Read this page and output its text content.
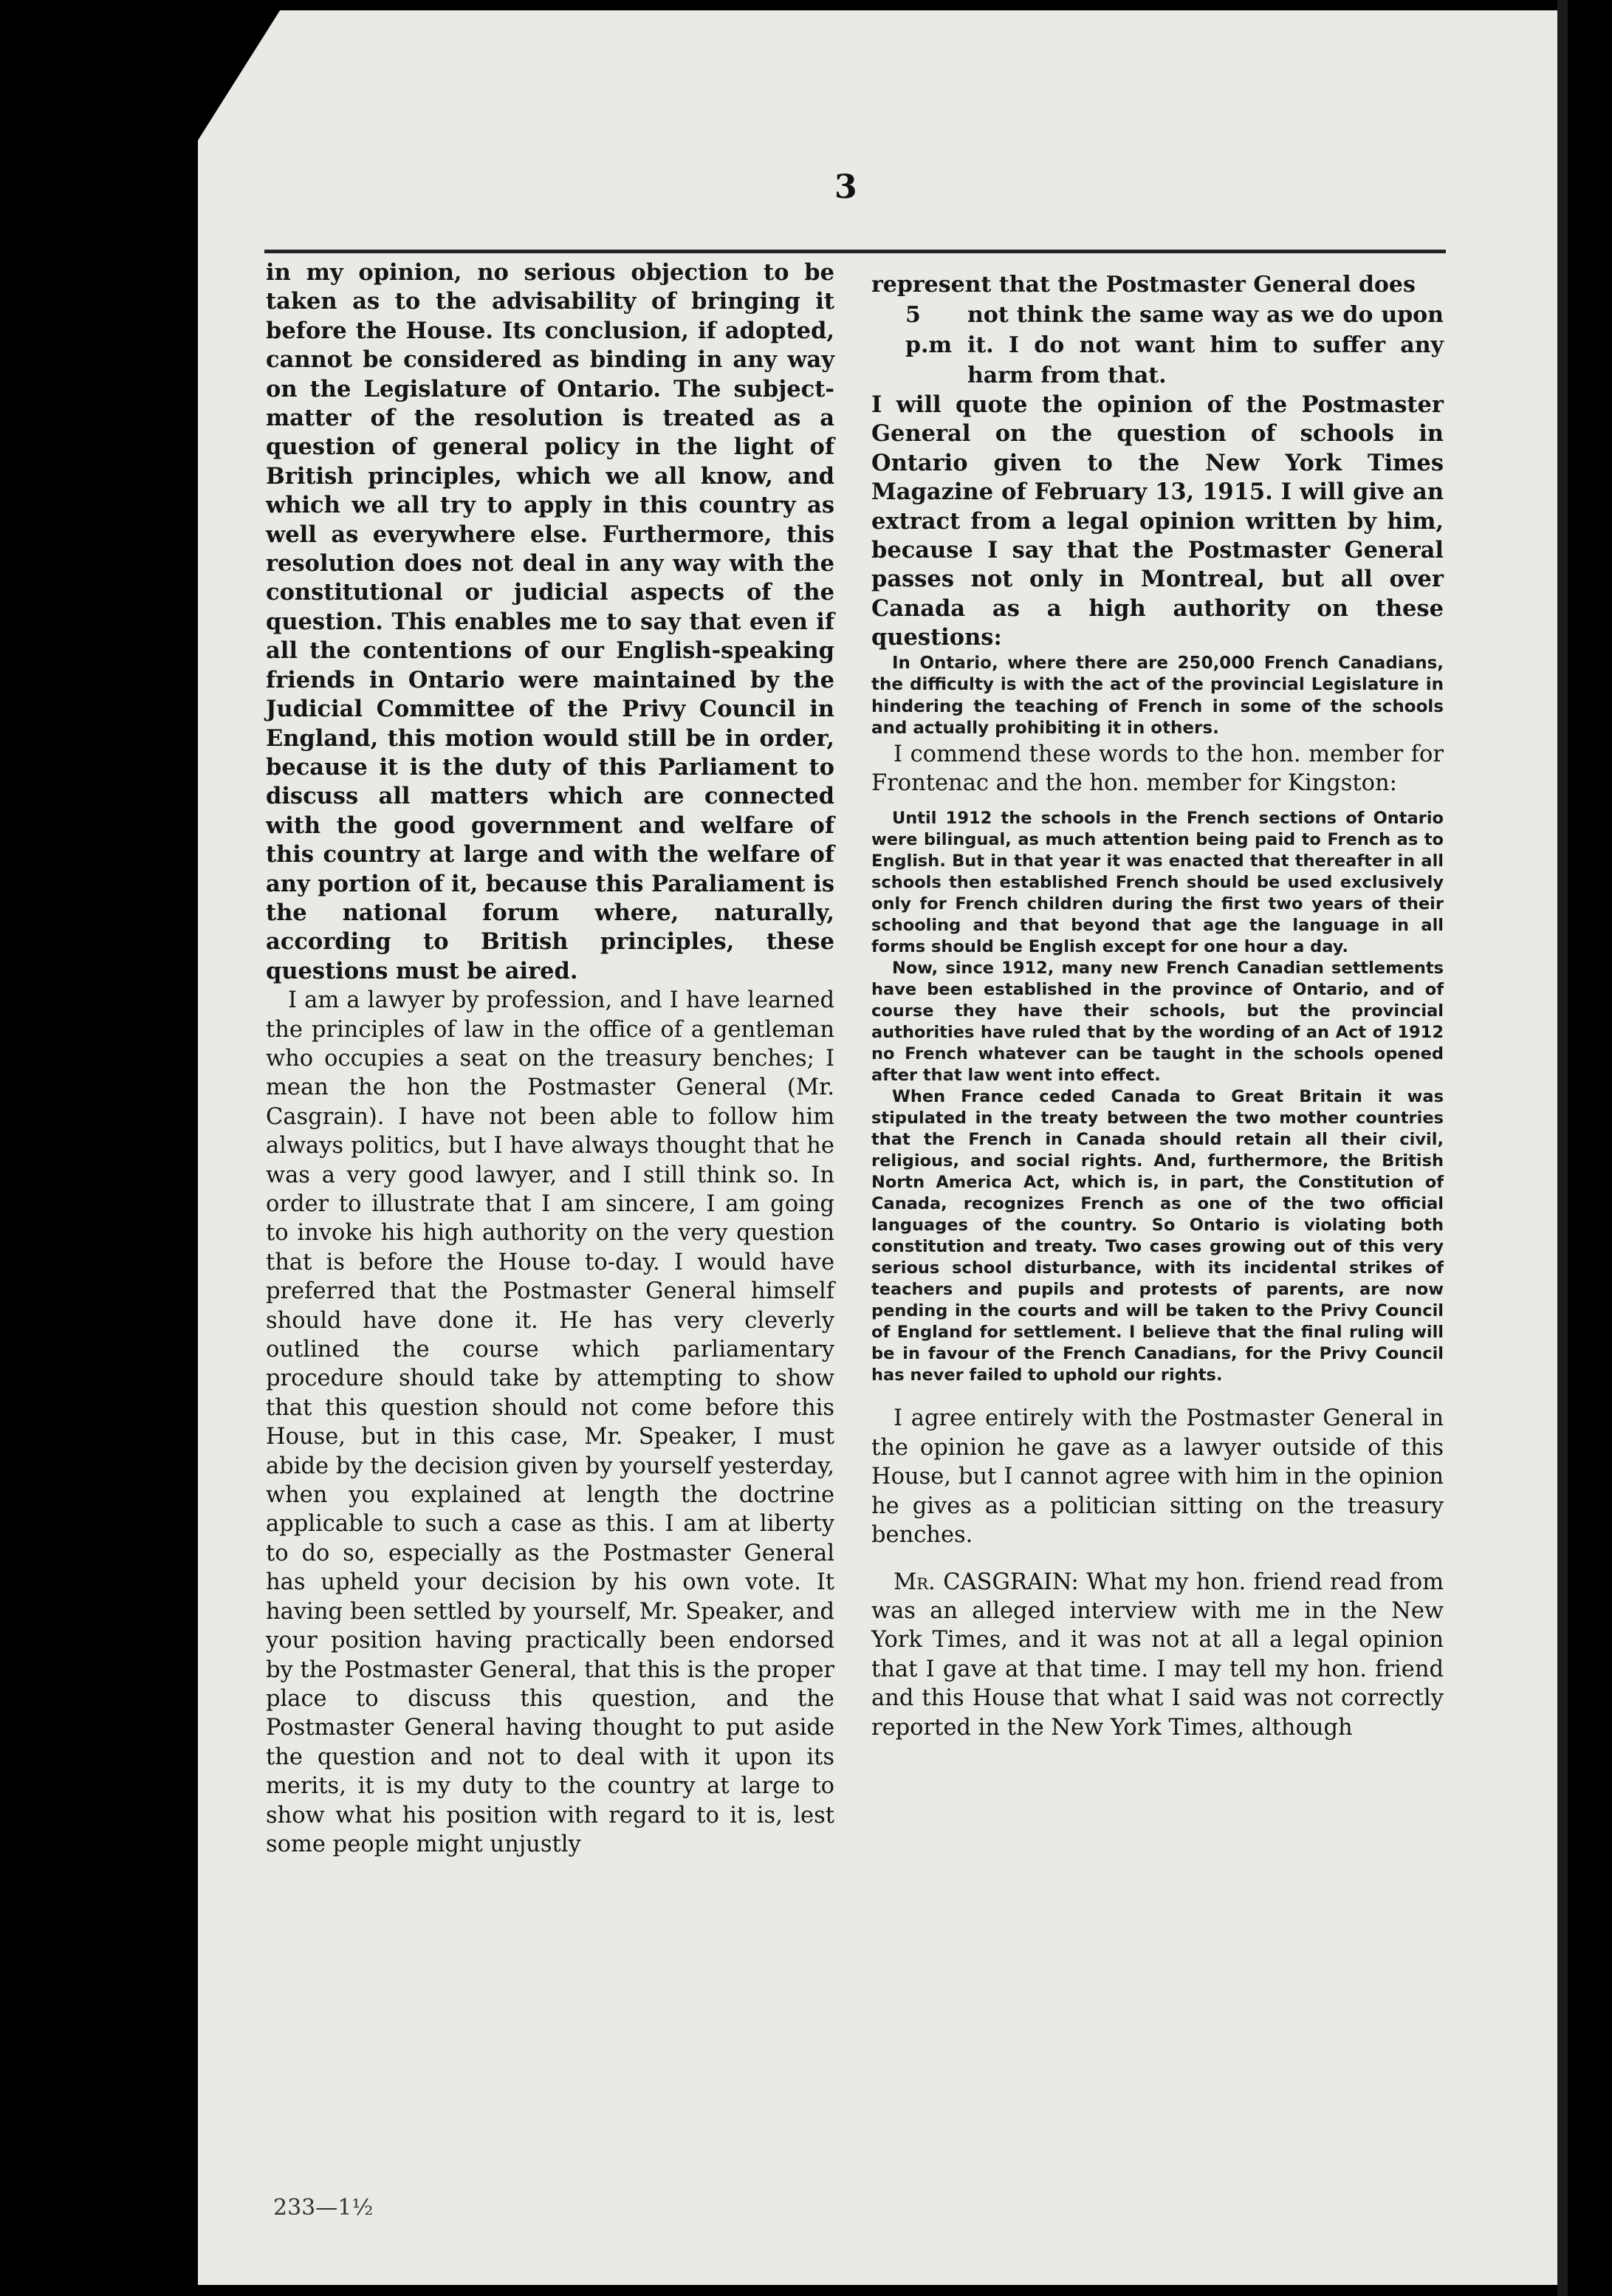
3

in my opinion, no serious objection to be taken as to the advisability of bringing it before the House. Its conclusion, if adopted, cannot be considered as binding in any way on the Legislature of Ontario. The subject-matter of the resolution is treated as a question of general policy in the light of British principles, which we all know, and which we all try to apply in this country as well as everywhere else. Furthermore, this resolution does not deal in any way with the constitutional or judicial aspects of the question. This enables me to say that even if all the contentions of our English-speaking friends in Ontario were maintained by the Judicial Committee of the Privy Council in England, this motion would still be in order, because it is the duty of this Parliament to discuss all matters which are connected with the good government and welfare of this country at large and with the welfare of any portion of it, because this Paraliament is the national forum where, naturally, according to British principles, these questions must be aired.

I am a lawyer by profession, and I have learned the principles of law in the office of a gentleman who occupies a seat on the treasury benches; I mean the hon the Postmaster General (Mr. Casgrain). I have not been able to follow him always politics, but I have always thought that he was a very good lawyer, and I still think so. In order to illustrate that I am sincere, I am going to invoke his high authority on the very question that is before the House to-day. I would have preferred that the Postmaster General himself should have done it. He has very cleverly outlined the course which parliamentary procedure should take by attempting to show that this question should not come before this House, but in this case, Mr. Speaker, I must abide by the decision given by yourself yesterday, when you explained at length the doctrine applicable to such a case as this. I am at liberty to do so, especially as the Postmaster General has upheld your decision by his own vote. It having been settled by yourself, Mr. Speaker, and your position having practically been endorsed by the Postmaster General, that this is the proper place to discuss this question, and the Postmaster General having thought to put aside the question and not to deal with it upon its merits, it is my duty to the country at large to show what his position with regard to it is, lest some people might unjustly

represent that the Postmaster General does

5 p.m
not think the same way as we do upon it. I do not want him to suffer any harm from that.

I will quote the opinion of the Postmaster General on the question of schools in Ontario given to the New York Times Magazine of February 13, 1915. I will give an extract from a legal opinion written by him, because I say that the Postmaster General passes not only in Montreal, but all over Canada as a high authority on these questions:

In Ontario, where there are 250,000 French Canadians, the difficulty is with the act of the provincial Legislature in hindering the teaching of French in some of the schools and actually prohibiting it in others.

I commend these words to the hon. member for Frontenac and the hon. member for Kingston:

Until 1912 the schools in the French sections of Ontario were bilingual, as much attention being paid to French as to English. But in that year it was enacted that thereafter in all schools then established French should be used exclusively only for French children during the first two years of their schooling and that beyond that age the language in all forms should be English except for one hour a day.

Now, since 1912, many new French Canadian settlements have been established in the province of Ontario, and of course they have their schools, but the provincial authorities have ruled that by the wording of an Act of 1912 no French whatever can be taught in the schools opened after that law went into effect.

When France ceded Canada to Great Britain it was stipulated in the treaty between the two mother countries that the French in Canada should retain all their civil, religious, and social rights. And, furthermore, the British Nortn America Act, which is, in part, the Constitution of Canada, recognizes French as one of the two official languages of the country. So Ontario is violating both constitution and treaty. Two cases growing out of this very serious school disturbance, with its incidental strikes of teachers and pupils and protests of parents, are now pending in the courts and will be taken to the Privy Council of England for settlement. I believe that the final ruling will be in favour of the French Canadians, for the Privy Council has never failed to uphold our rights.

I agree entirely with the Postmaster General in the opinion he gave as a lawyer outside of this House, but I cannot agree with him in the opinion he gives as a politician sitting on the treasury benches.

Mr. CASGRAIN: What my hon. friend read from was an alleged interview with me in the New York Times, and it was not at all a legal opinion that I gave at that time. I may tell my hon. friend and this House that what I said was not correctly reported in the New York Times, although

233—1½
